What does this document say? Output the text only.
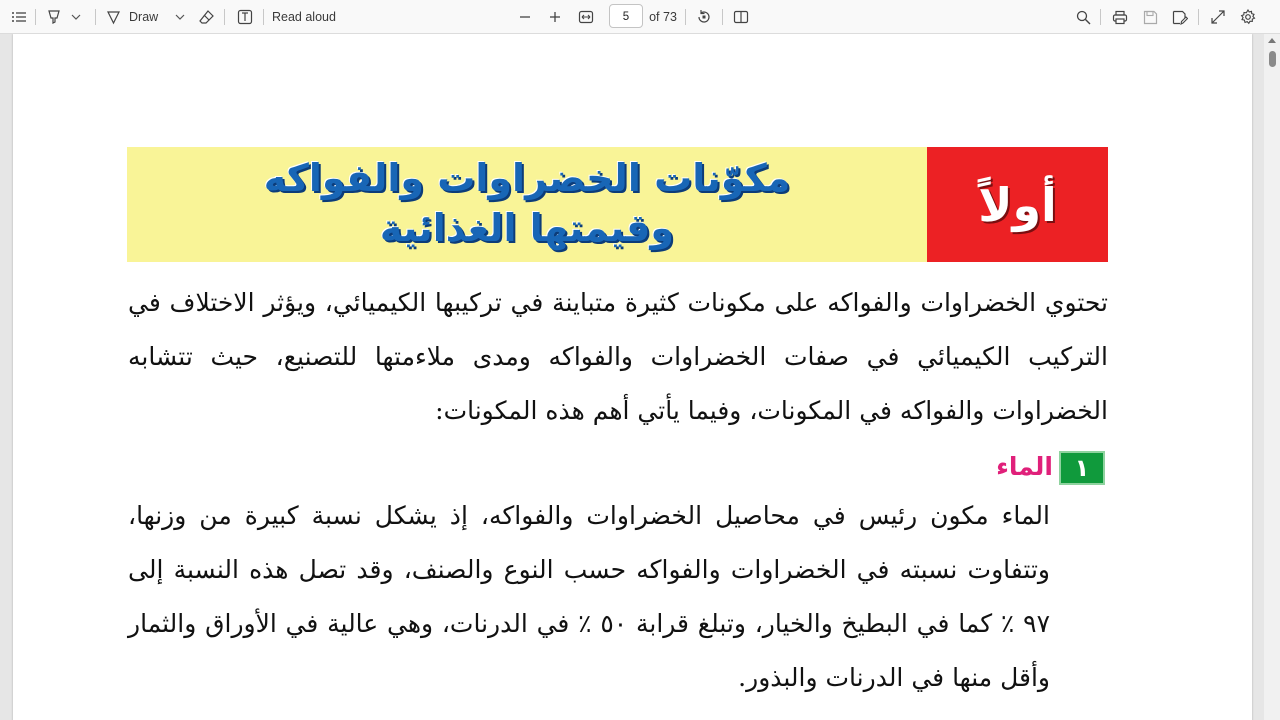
Draw	Read aloud	5	of 73

مكوّنات الخضراوات والفواكه
وقيمتها الغذائية	أولاً

تحتوي الخضراوات والفواكه على مكونات كثيرة متباينة في تركيبها الكيميائي، ويؤثر الاختلاف في التركيب الكيميائي في صفات الخضراوات والفواكه ومدى ملاءمتها للتصنيع، حيث تتشابه الخضراوات والفواكه في المكونات، وفيما يأتي أهم هذه المكونات:

١
الماء

الماء مكون رئيس في محاصيل الخضراوات والفواكه، إذ يشكل نسبة كبيرة من وزنها، وتتفاوت نسبته في الخضراوات والفواكه حسب النوع والصنف، وقد تصل هذه النسبة إلى ٩٧ ٪ كما في البطيخ والخيار، وتبلغ قرابة ٥٠ ٪ في الدرنات، وهي عالية في الأوراق والثمار وأقل منها في الدرنات والبذور.
